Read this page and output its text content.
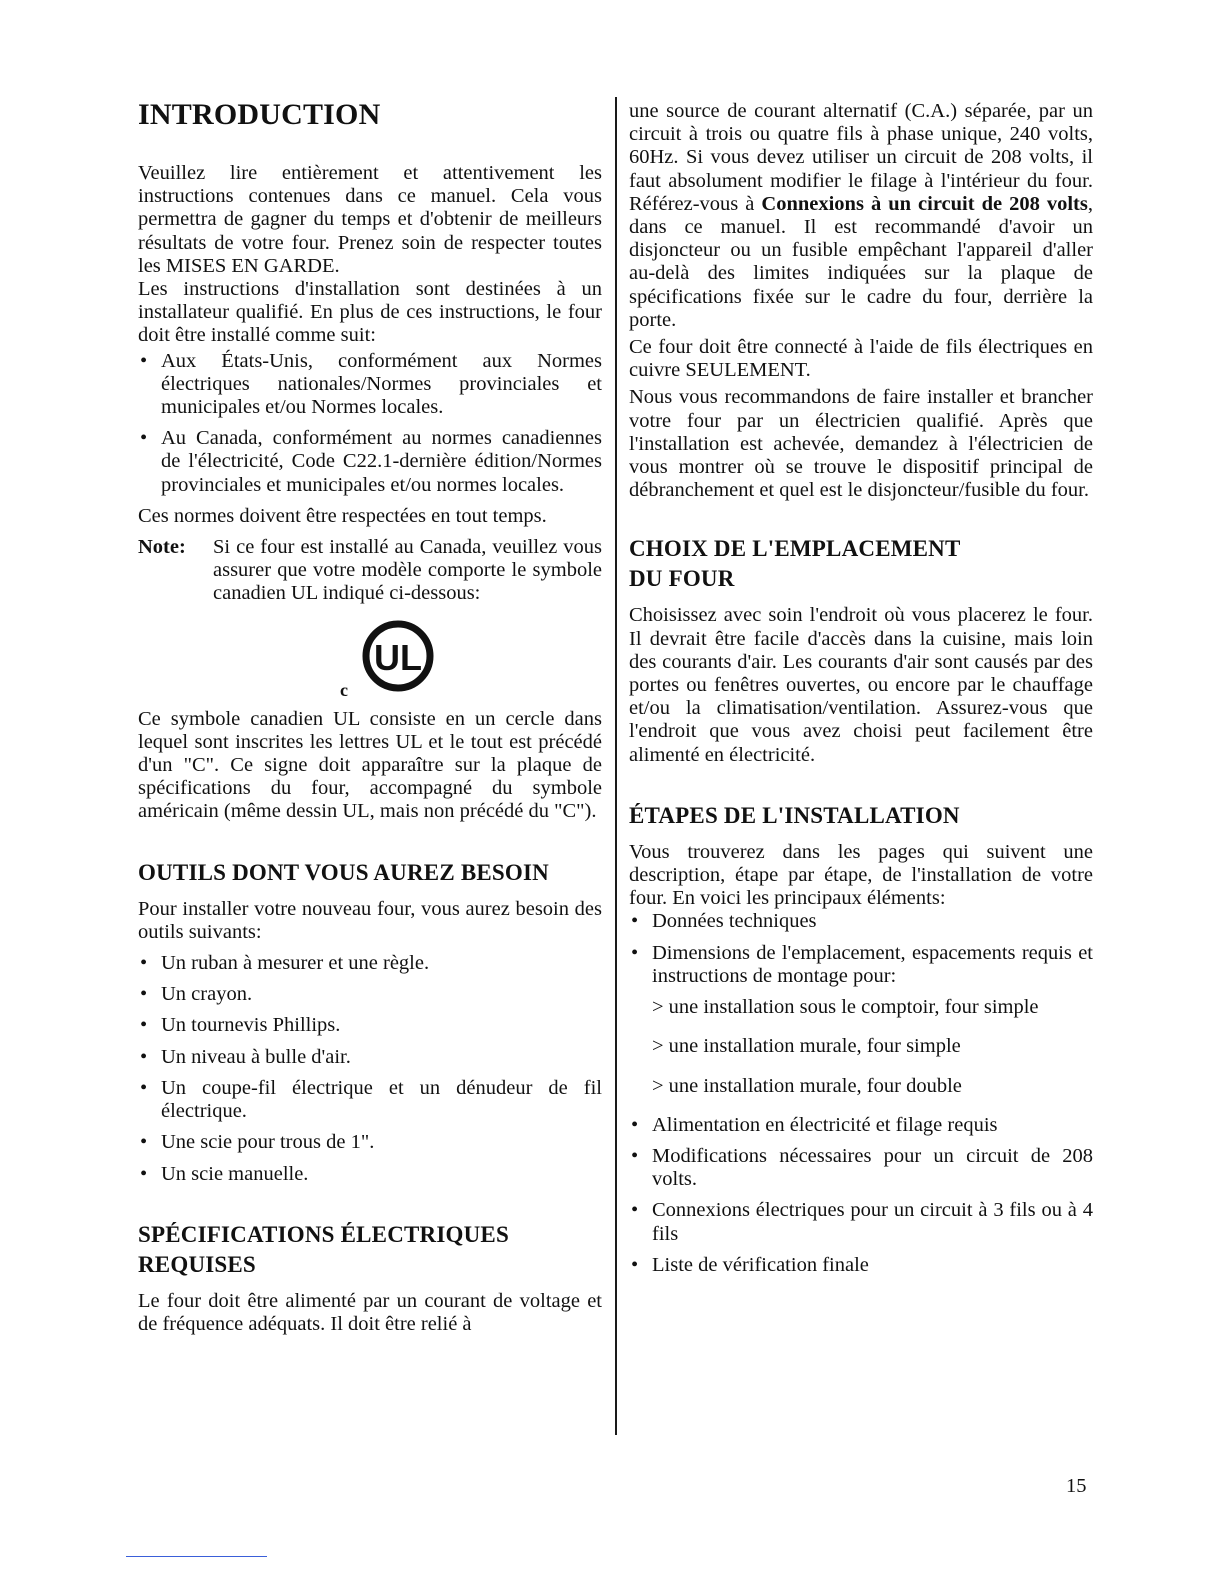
INTRODUCTION

Veuillez lire entièrement et attentivement les instructions contenues dans ce manuel. Cela vous permettra de gagner du temps et d'obtenir de meilleurs résultats de votre four. Prenez soin de respecter toutes les MISES EN GARDE.

Les instructions d'installation sont destinées à un installateur qualifié. En plus de ces instructions, le four doit être installé comme suit:

• Aux États-Unis, conformément aux Normes électriques nationales/Normes provinciales et municipales et/ou Normes locales.
• Au Canada, conformément au normes canadiennes de l'électricité, Code C22.1-dernière édition/Normes provinciales et municipales et/ou normes locales.

Ces normes doivent être respectées en tout temps.

Note:	Si ce four est installé au Canada, veuillez vous assurer que votre modèle comporte le symbole canadien UL indiqué ci-dessous:
UL
c

Ce symbole canadien UL consiste en un cercle dans lequel sont inscrites les lettres UL et le tout est précédé d'un "C". Ce signe doit apparaître sur la plaque de spécifications du four, accompagné du symbole américain (même dessin UL, mais non précédé du "C").

OUTILS DONT VOUS AUREZ BESOIN

Pour installer votre nouveau four, vous aurez besoin des outils suivants:

• Un ruban à mesurer et une règle.
• Un crayon.
• Un tournevis Phillips.
• Un niveau à bulle d'air.
• Un coupe-fil électrique et un dénudeur de fil électrique.
• Une scie pour trous de 1".
• Un scie manuelle.
SPÉCIFICATIONS ÉLECTRIQUES REQUISES

Le four doit être alimenté par un courant de voltage et de fréquence adéquats. Il doit être relié à

une source de courant alternatif (C.A.) séparée, par un circuit à trois ou quatre fils à phase unique, 240 volts, 60Hz. Si vous devez utiliser un circuit de 208 volts, il faut absolument modifier le filage à l'intérieur du four. Référez-vous à Connexions à un circuit de 208 volts, dans ce manuel. Il est recommandé d'avoir un disjoncteur ou un fusible empêchant l'appareil d'aller au-delà des limites indiquées sur la plaque de spécifications fixée sur le cadre du four, derrière la porte.

Ce four doit être connecté à l'aide de fils électriques en cuivre SEULEMENT.

Nous vous recommandons de faire installer et brancher votre four par un électricien qualifié. Après que l'installation est achevée, demandez à l'électricien de vous montrer où se trouve le dispositif principal de débranchement et quel est le disjoncteur/fusible du four.

CHOIX DE L'EMPLACEMENT
DU FOUR

Choisissez avec soin l'endroit où vous placerez le four. Il devrait être facile d'accès dans la cuisine, mais loin des courants d'air. Les courants d'air sont causés par des portes ou fenêtres ouvertes, ou encore par le chauffage et/ou la climatisation/ventilation. Assurez-vous que l'endroit que vous avez choisi peut facilement être alimenté en électricité.

ÉTAPES DE L'INSTALLATION

Vous trouverez dans les pages qui suivent une description, étape par étape, de l'installation de votre four. En voici les principaux éléments:

• Données techniques
• Dimensions de l'emplacement, espacements requis et instructions de montage pour:
> une installation sous le comptoir, four simple
> une installation murale, four simple
> une installation murale, four double
• Alimentation en électricité et filage requis
• Modifications nécessaires pour un circuit de 208 volts.
• Connexions électriques pour un circuit à 3 fils ou à 4 fils
• Liste de vérification finale
15
